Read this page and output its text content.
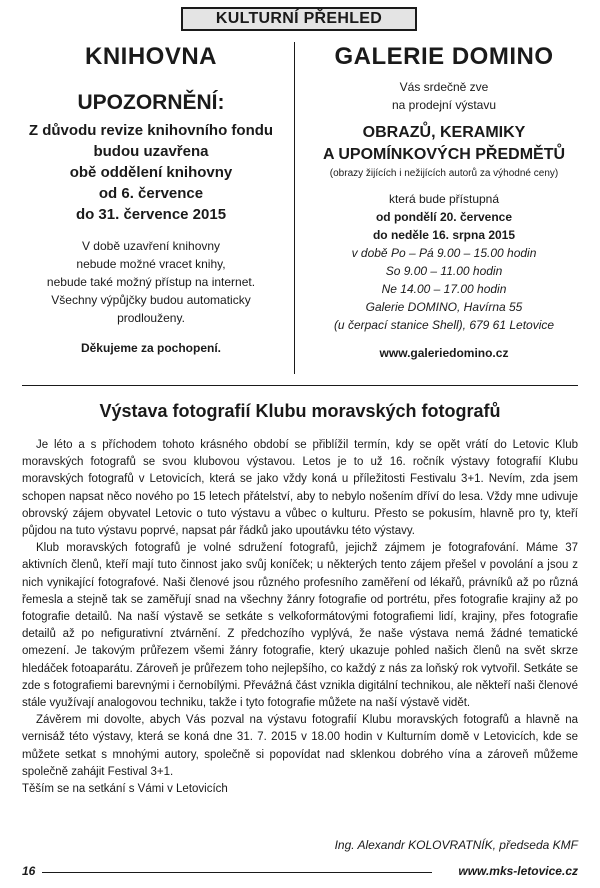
KULTURNÍ PŘEHLED
KNIHOVNA
UPOZORNĚNÍ:
Z důvodu revize knihovního fondu
budou uzavřena
obě oddělení knihovny
od 6. července
do 31. července 2015
V době uzavření knihovny
nebude možné vracet knihy,
nebude také možný přístup na internet.
Všechny výpůjčky budou automaticky
prodlouženy.
Děkujeme za pochopení.
GALERIE DOMINO
Vás srdečně zve
na prodejní výstavu
OBRAZŮ, KERAMIKY
A UPOMÍNKOVÝCH PŘEDMĚTŮ
(obrazy žijících i nežijících autorů za výhodné ceny)
která bude přístupná
od pondělí 20. července
do neděle 16. srpna 2015
v době Po – Pá 9.00 – 15.00 hodin
So 9.00 – 11.00 hodin
Ne 14.00 – 17.00 hodin
Galerie DOMINO, Havírna 55
(u čerpací stanice Shell), 679 61 Letovice
www.galeriedomino.cz
Výstava fotografií Klubu moravských fotografů

Je léto a s příchodem tohoto krásného období se přiblížil termín, kdy se opět vrátí do Letovic Klub moravských fotografů se svou klubovou výstavou. Letos je to už 16. ročník výstavy fotografií Klubu moravských fotografů v Letovicích, která se jako vždy koná u příležitosti Festivalu 3+1. Nevím, zda jsem schopen napsat něco nového po 15 letech přátelství, aby to nebylo nošením dříví do lesa. Vždy mne udivuje obrovský zájem obyvatel Letovic o tuto výstavu a vůbec o kulturu. Přesto se pokusím, hlavně pro ty, kteří půjdou na tuto výstavu poprvé, napsat pár řádků jako upoutávku této výstavy.

Klub moravských fotografů je volné sdružení fotografů, jejichž zájmem je fotografování. Máme 37 aktivních členů, kteří mají tuto činnost jako svůj koníček; u některých tento zájem přešel v povolání a jsou z nich vynikající fotografové. Naši členové jsou různého profesního zaměření od lékařů, právníků až po různá řemesla a stejně tak se zaměřují snad na všechny žánry fotografie od portrétu, přes fotografie krajiny až po fotografie detailů. Na naší výstavě se setkáte s velkoformátovými fotografiemi lidí, krajiny, přes fotografie detailů až po nefigurativní ztvárnění. Z předchozího vyplývá, že naše výstava nemá žádné tematické omezení. Je takovým průřezem všemi žánry fotografie, který ukazuje pohled našich členů na svět skrze hledáček fotoaparátu. Zároveň je průřezem toho nejlepšího, co každý z nás za loňský rok vytvořil. Setkáte se zde s fotografiemi barevnými i černobílými. Převážná část vznikla digitální technikou, ale někteří naši členové stále využívají analogovou techniku, takže i tyto fotografie můžete na naší výstavě vidět.

Závěrem mi dovolte, abych Vás pozval na výstavu fotografií Klubu moravských fotografů a hlavně na vernisáž této výstavy, která se koná dne 31. 7. 2015 v 18.00 hodin v Kulturním domě v Letovicích, kde se můžete setkat s mnohými autory, společně si popovídat nad sklenkou dobrého vína a zároveň můžeme společně zahájit Festival 3+1.

Těším se na setkání s Vámi v Letovicích

Ing. Alexandr KOLOVRATNÍK, předseda KMF
16	www.mks-letovice.cz
